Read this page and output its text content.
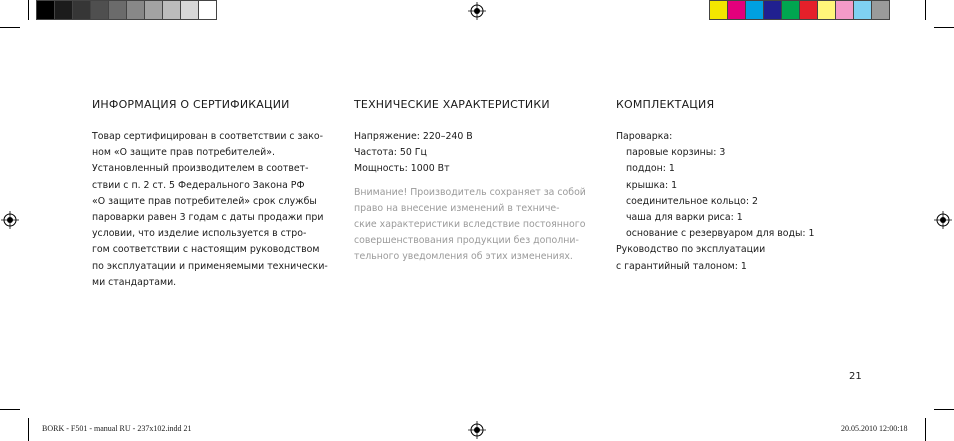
ИНФОРМАЦИЯ О СЕРТИФИКАЦИИ
Товар сертифицирован в соответствии с зако-
ном «О защите прав потребителей».
Установленный производителем в соответ-
ствии с п. 2 ст. 5 Федерального Закона РФ
«О защите прав потребителей» срок службы
пароварки равен 3 годам с даты продажи при
условии, что изделие используется в стро-
гом соответствии с настоящим руководством
по эксплуатации и применяемыми технически-
ми стандартами.
ТЕХНИЧЕСКИЕ ХАРАКТЕРИСТИКИ
Напряжение: 220–240 В
Частота: 50 Гц
Мощность: 1000 Вт
Внимание! Производитель сохраняет за собой
право на внесение изменений в техниче-
ские характеристики вследствие постоянного
совершенствования продукции без дополни-
тельного уведомления об этих изменениях.
КОМПЛЕКТАЦИЯ
Пароварка:
паровые корзины: 3
поддон: 1
крышка: 1
соединительное кольцо: 2
чаша для варки риса: 1
основание с резервуаром для воды: 1
Руководство по эксплуатации
с гарантийный талоном: 1
21
BORK - F501 - manual RU - 237x102.indd 21	20.05.2010 12:00:18
